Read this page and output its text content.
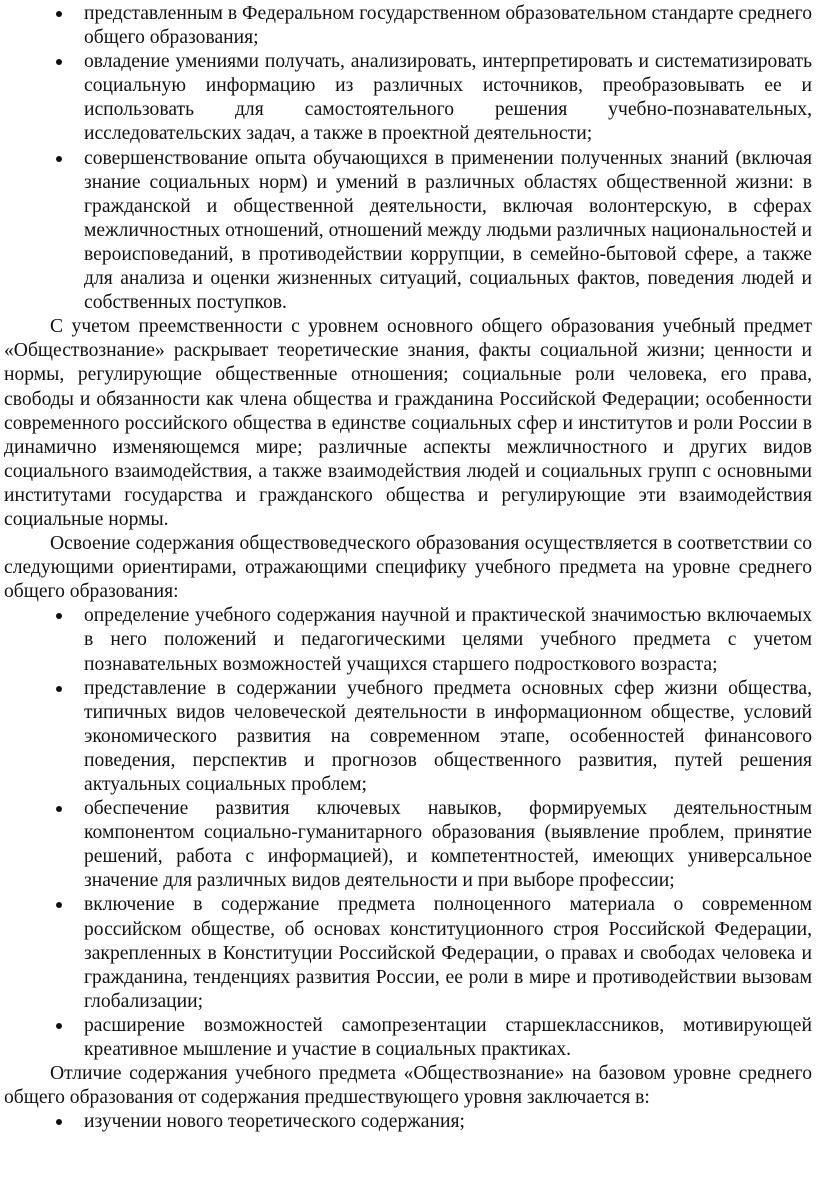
представленным в Федеральном государственном образовательном стандарте среднего общего образования;
овладение умениями получать, анализировать, интерпретировать и систематизировать социальную информацию из различных источников, преобразовывать ее и использовать для самостоятельного решения учебно-познавательных, исследовательских задач, а также в проектной деятельности;
совершенствование опыта обучающихся в применении полученных знаний (включая знание социальных норм) и умений в различных областях общественной жизни: в гражданской и общественной деятельности, включая волонтерскую, в сферах межличностных отношений, отношений между людьми различных национальностей и вероисповеданий, в противодействии коррупции, в семейно-бытовой сфере, а также для анализа и оценки жизненных ситуаций, социальных фактов, поведения людей и собственных поступков.

С учетом преемственности с уровнем основного общего образования учебный предмет «Обществознание» раскрывает теоретические знания, факты социальной жизни; ценности и нормы, регулирующие общественные отношения; социальные роли человека, его права, свободы и обязанности как члена общества и гражданина Российской Федерации; особенности современного российского общества в единстве социальных сфер и институтов и роли России в динамично изменяющемся мире; различные аспекты межличностного и других видов социального взаимодействия, а также взаимодействия людей и социальных групп с основными институтами государства и гражданского общества и регулирующие эти взаимодействия социальные нормы.

Освоение содержания обществоведческого образования осуществляется в соответствии со следующими ориентирами, отражающими специфику учебного предмета на уровне среднего общего образования:

определение учебного содержания научной и практической значимостью включаемых в него положений и педагогическими целями учебного предмета с учетом познавательных возможностей учащихся старшего подросткового возраста;
представление в содержании учебного предмета основных сфер жизни общества, типичных видов человеческой деятельности в информационном обществе, условий экономического развития на современном этапе, особенностей финансового поведения, перспектив и прогнозов общественного развития, путей решения актуальных социальных проблем;
обеспечение развития ключевых навыков, формируемых деятельностным компонентом социально-гуманитарного образования (выявление проблем, принятие решений, работа с информацией), и компетентностей, имеющих универсальное значение для различных видов деятельности и при выборе профессии;
включение в содержание предмета полноценного материала о современном российском обществе, об основах конституционного строя Российской Федерации, закрепленных в Конституции Российской Федерации, о правах и свободах человека и гражданина, тенденциях развития России, ее роли в мире и противодействии вызовам глобализации;
расширение возможностей самопрезентации старшеклассников, мотивирующей креативное мышление и участие в социальных практиках.

Отличие содержания учебного предмета «Обществознание» на базовом уровне среднего общего образования от содержания предшествующего уровня заключается в:

изучении нового теоретического содержания;
